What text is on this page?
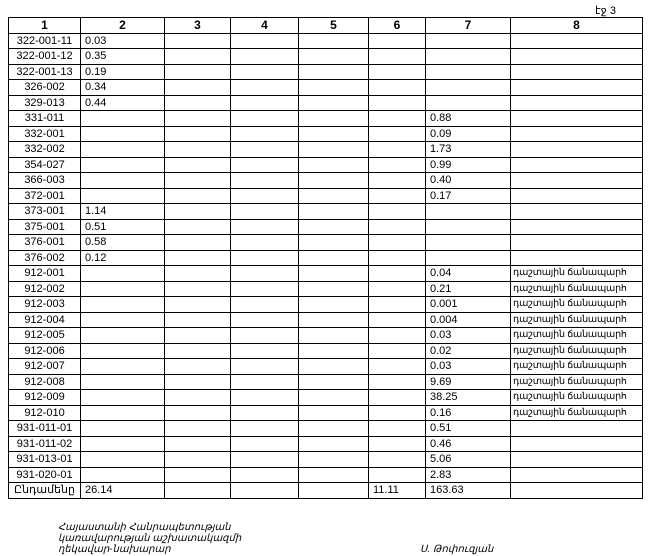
էջ 3
1	2	3	4	5	6	7	8
322-001-11	0.03						
322-001-12	0.35						
322-001-13	0.19						
326-002	0.34						
329-013	0.44						
331-011						0.88	
332-001						0.09	
332-002						1.73	
354-027						0.99	
366-003						0.40	
372-001						0.17	
373-001	1.14						
375-001	0.51						
376-001	0.58						
376-002	0.12						
912-001						0.04	դաշտային ճանապարհ
912-002						0.21	դաշտային ճանապարհ
912-003						0.001	դաշտային ճանապարհ
912-004						0.004	դաշտային ճանապարհ
912-005						0.03	դաշտային ճանապարհ
912-006						0.02	դաշտային ճանապարհ
912-007						0.03	դաշտային ճանապարհ
912-008						9.69	դաշտային ճանապարհ
912-009						38.25	դաշտային ճանապարհ
912-010						0.16	դաշտային ճանապարհ
931-011-01						0.51	
931-011-02						0.46	
931-013-01						5.06	
931-020-01						2.83	
Ընդամենը	26.14				11.11	163.63	
Հայաստանի Հանրապետության
կառավարության աշխատակազմի
ղեկավար-նախարար	Ս. Թոփուզյան
